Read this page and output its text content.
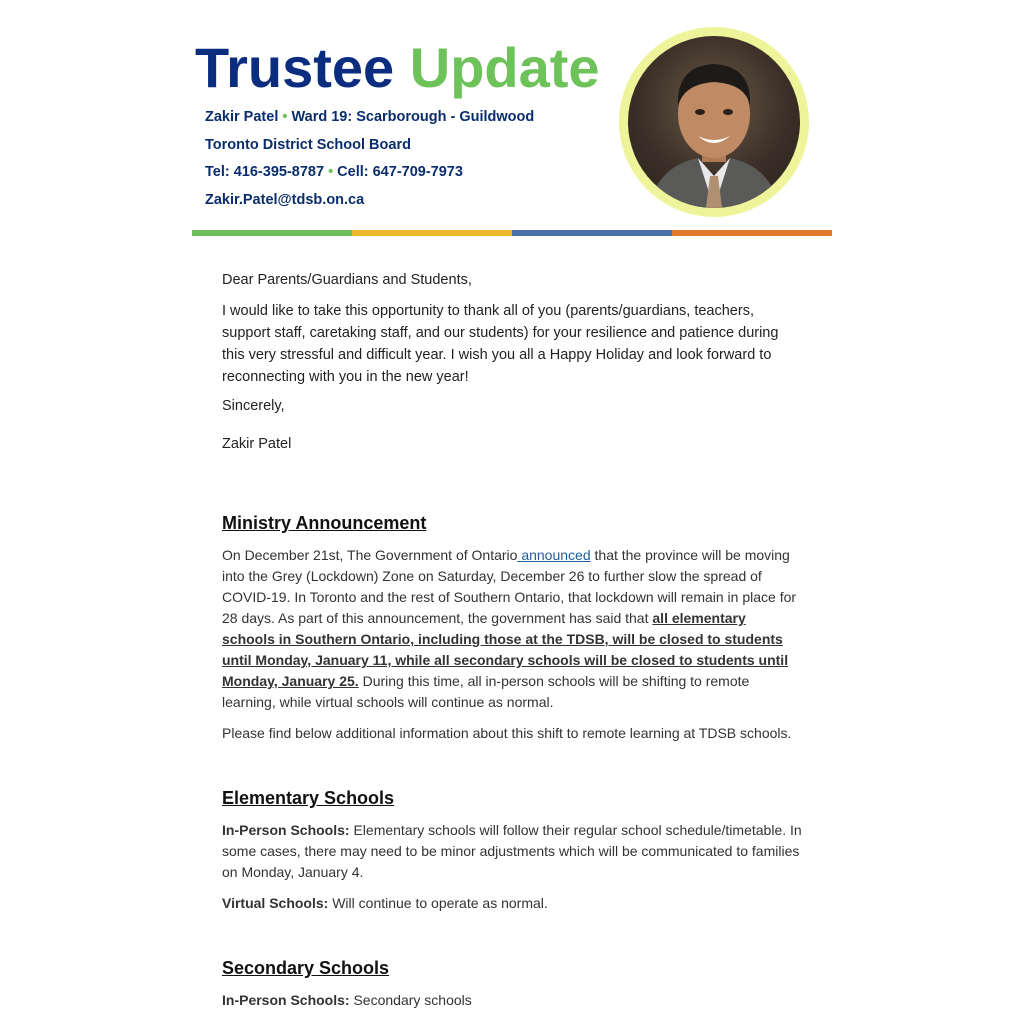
Trustee Update
Zakir Patel • Ward 19: Scarborough - Guildwood
Toronto District School Board
Tel: 416-395-8787 • Cell: 647-709-7973
Zakir.Patel@tdsb.on.ca

Dear Parents/Guardians and Students,

I would like to take this opportunity to thank all of you (parents/guardians, teachers, support staff, caretaking staff, and our students) for your resilience and patience during this very stressful and difficult year. I wish you all a Happy Holiday and look forward to reconnecting with you in the new year!

Sincerely,

Zakir Patel

Ministry Announcement

On December 21st, The Government of Ontario announced that the province will be moving into the Grey (Lockdown) Zone on Saturday, December 26 to further slow the spread of COVID-19. In Toronto and the rest of Southern Ontario, that lockdown will remain in place for 28 days. As part of this announcement, the government has said that all elementary schools in Southern Ontario, including those at the TDSB, will be closed to students until Monday, January 11, while all secondary schools will be closed to students until Monday, January 25. During this time, all in-person schools will be shifting to remote learning, while virtual schools will continue as normal.

Please find below additional information about this shift to remote learning at TDSB schools.

Elementary Schools

In-Person Schools: Elementary schools will follow their regular school schedule/timetable. In some cases, there may need to be minor adjustments which will be communicated to families on Monday, January 4.

Virtual Schools: Will continue to operate as normal.

Secondary Schools

In-Person Schools: Secondary schools
